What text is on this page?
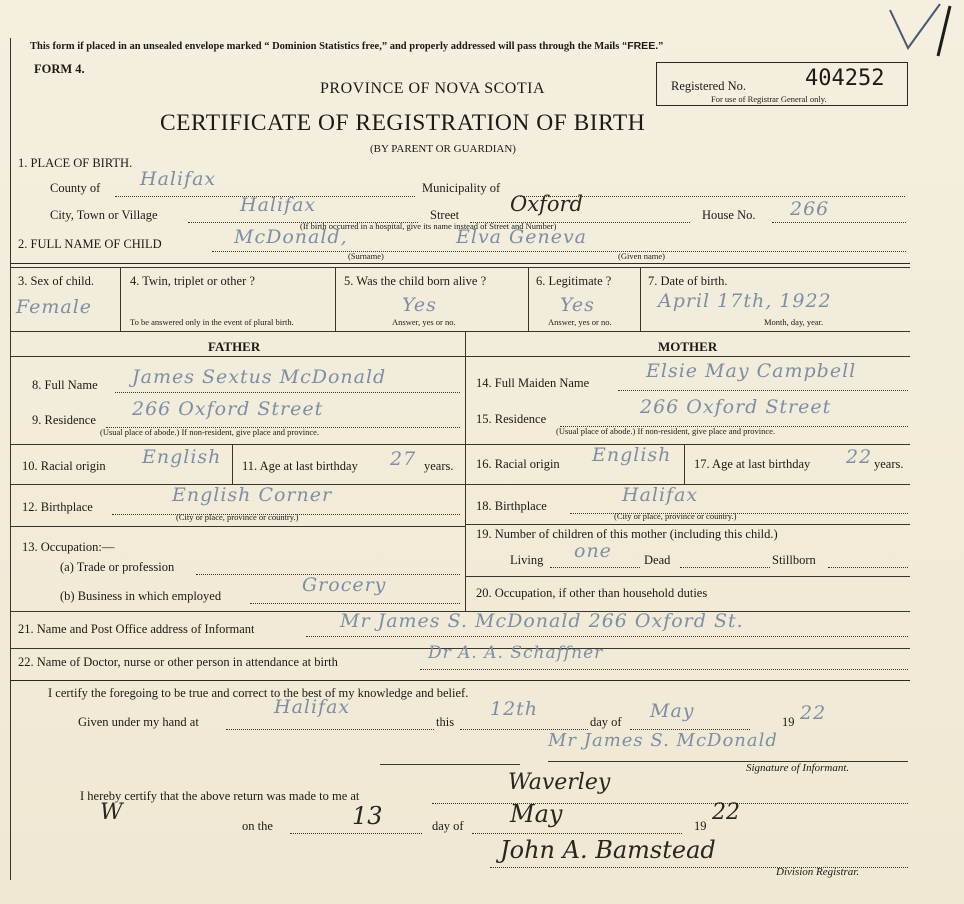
This form if placed in an unsealed envelope marked “ Dominion Statistics free,” and properly addressed will pass through the Mails “FREE.”
FORM 4.
Registered No.	404252
For use of Registrar General only.
PROVINCE OF NOVA SCOTIA
CERTIFICATE OF REGISTRATION OF BIRTH
(BY PARENT OR GUARDIAN)
1. PLACE OF BIRTH.
County of Halifax	Municipality of
City, Town or Village	Halifax	Street Oxford	House No. 266
(If birth occurred in a hospital, give its name instead of Street and Number)
2. FULL NAME OF CHILD	McDonald,	Elva Geneva
(Surname)	(Given name)
3. Sex of child.
Female
4. Twin, triplet or other ?
To be answered only in the event of plural birth.
5. Was the child born alive ?
Yes
Answer, yes or no.
6. Legitimate ?
Yes
Answer, yes or no.
7. Date of birth.
April 17th, 1922
Month, day, year.
FATHER	MOTHER
8. Full Name James Sextus McDonald
9. Residence 266 Oxford Street
(Usual place of abode.) If non-resident, give place and province.
10. Racial origin English 11. Age at last birthday 27 years.
12. Birthplace
English Corner
(City or place, province or country.)
13. Occupation:—
(a) Trade or profession
(b) Business in which employed	Grocery
14. Full Maiden Name
Elsie May Campbell
15. Residence
266 Oxford Street
(Usual place of abode.) If non-resident, give place and province.
16. Racial origin English 17. Age at last birthday 22 years.
18. Birthplace	Halifax
(City or place, province or country.)
19. Number of children of this mother (including this child.)
Living one	Dead	Stillborn
20. Occupation, if other than household duties
21. Name and Post Office address of Informant	Mr James S. McDonald 266 Oxford St.
22. Name of Doctor, nurse or other person in attendance at birth	Dr A. A. Schaffner
I certify the foregoing to be true and correct to the best of my knowledge and belief.
Given under my hand at
Halifax
this
12th
day of May	19 22
Mr James S. McDonald
Signature of Informant.
I hereby certify that the above return was made to me at
Waverley
on the	13	day of May	19
22
W
John A. Bamstead
Division Registrar.
